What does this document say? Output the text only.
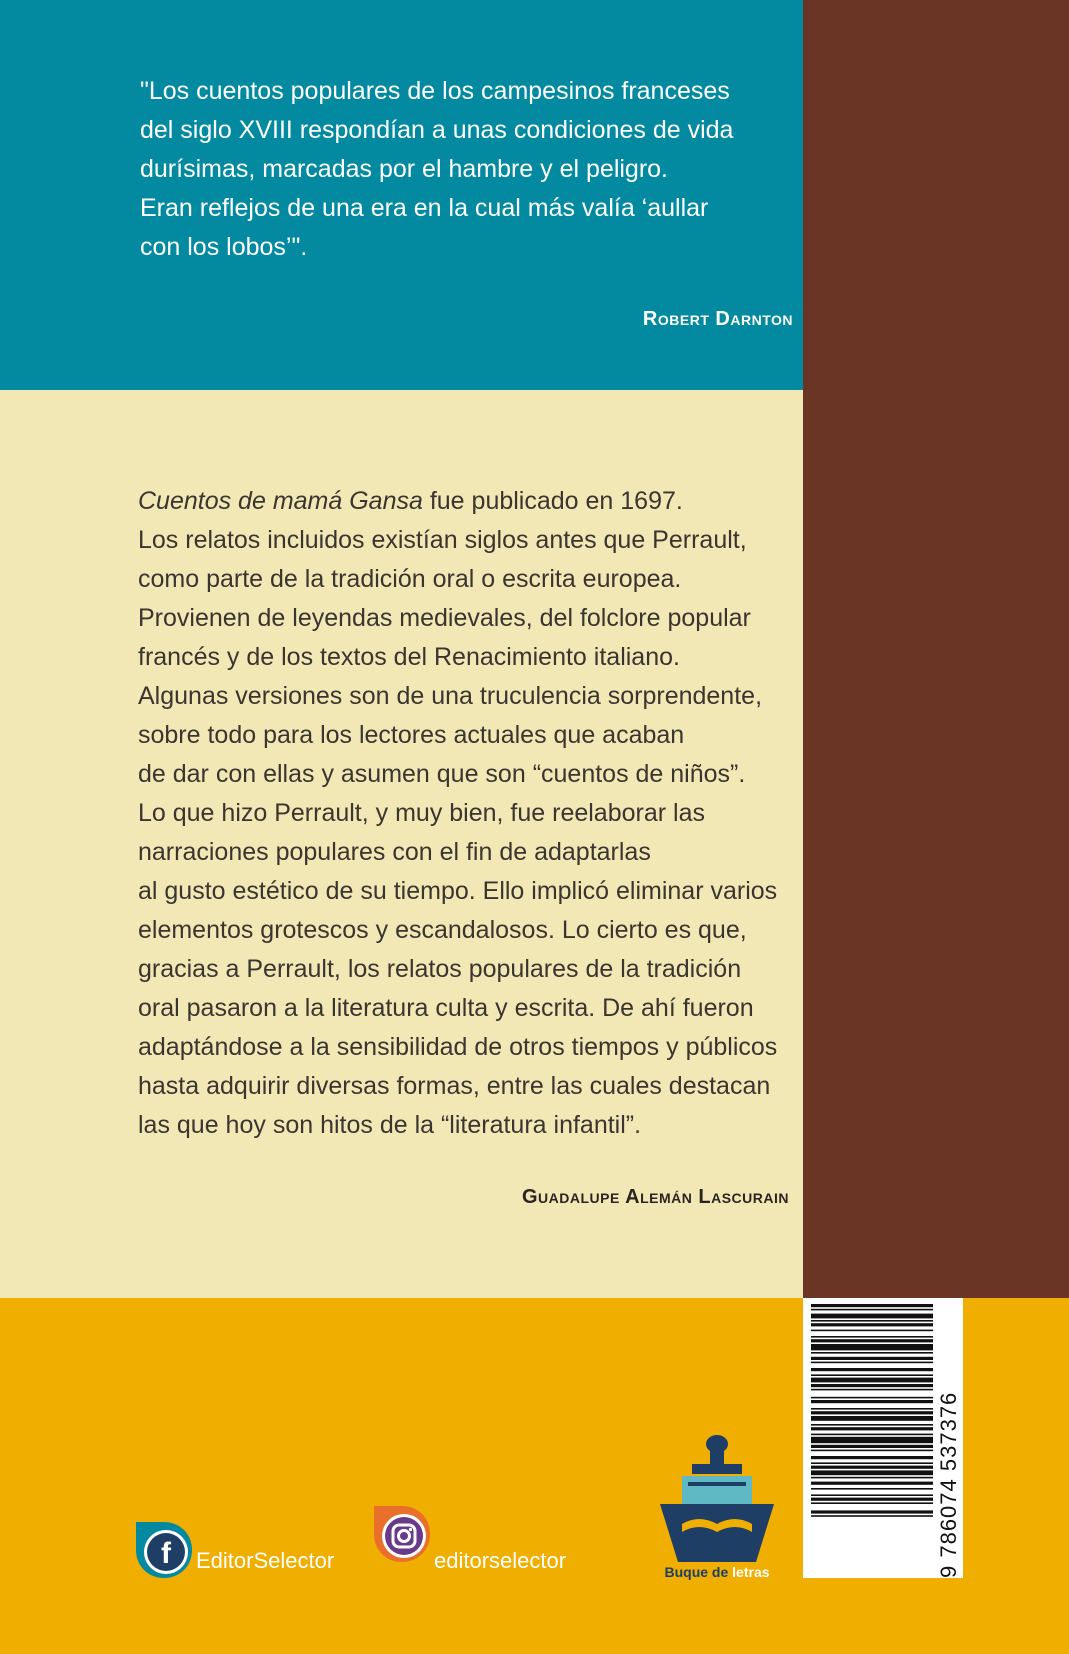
"Los cuentos populares de los campesinos franceses
del siglo XVIII respondían a unas condiciones de vida
durísimas, marcadas por el hambre y el peligro.
Eran reflejos de una era en la cual más valía ‘aullar
con los lobos’".

Robert Darnton

Cuentos de mamá Gansa fue publicado en 1697.
Los relatos incluidos existían siglos antes que Perrault,
como parte de la tradición oral o escrita europea.
Provienen de leyendas medievales, del folclore popular
francés y de los textos del Renacimiento italiano.
Algunas versiones son de una truculencia sorprendente,
sobre todo para los lectores actuales que acaban
de dar con ellas y asumen que son “cuentos de niños”.
Lo que hizo Perrault, y muy bien, fue reelaborar las
narraciones populares con el fin de adaptarlas
al gusto estético de su tiempo. Ello implicó eliminar varios
elementos grotescos y escandalosos. Lo cierto es que,
gracias a Perrault, los relatos populares de la tradición
oral pasaron a la literatura culta y escrita. De ahí fueron
adaptándose a la sensibilidad de otros tiempos y públicos
hasta adquirir diversas formas, entre las cuales destacan
las que hoy son hitos de la “literatura infantil”.

Guadalupe Alemán Lascurain
f EditorSelector	editorselector	Buque de letras	9 786074 537376
